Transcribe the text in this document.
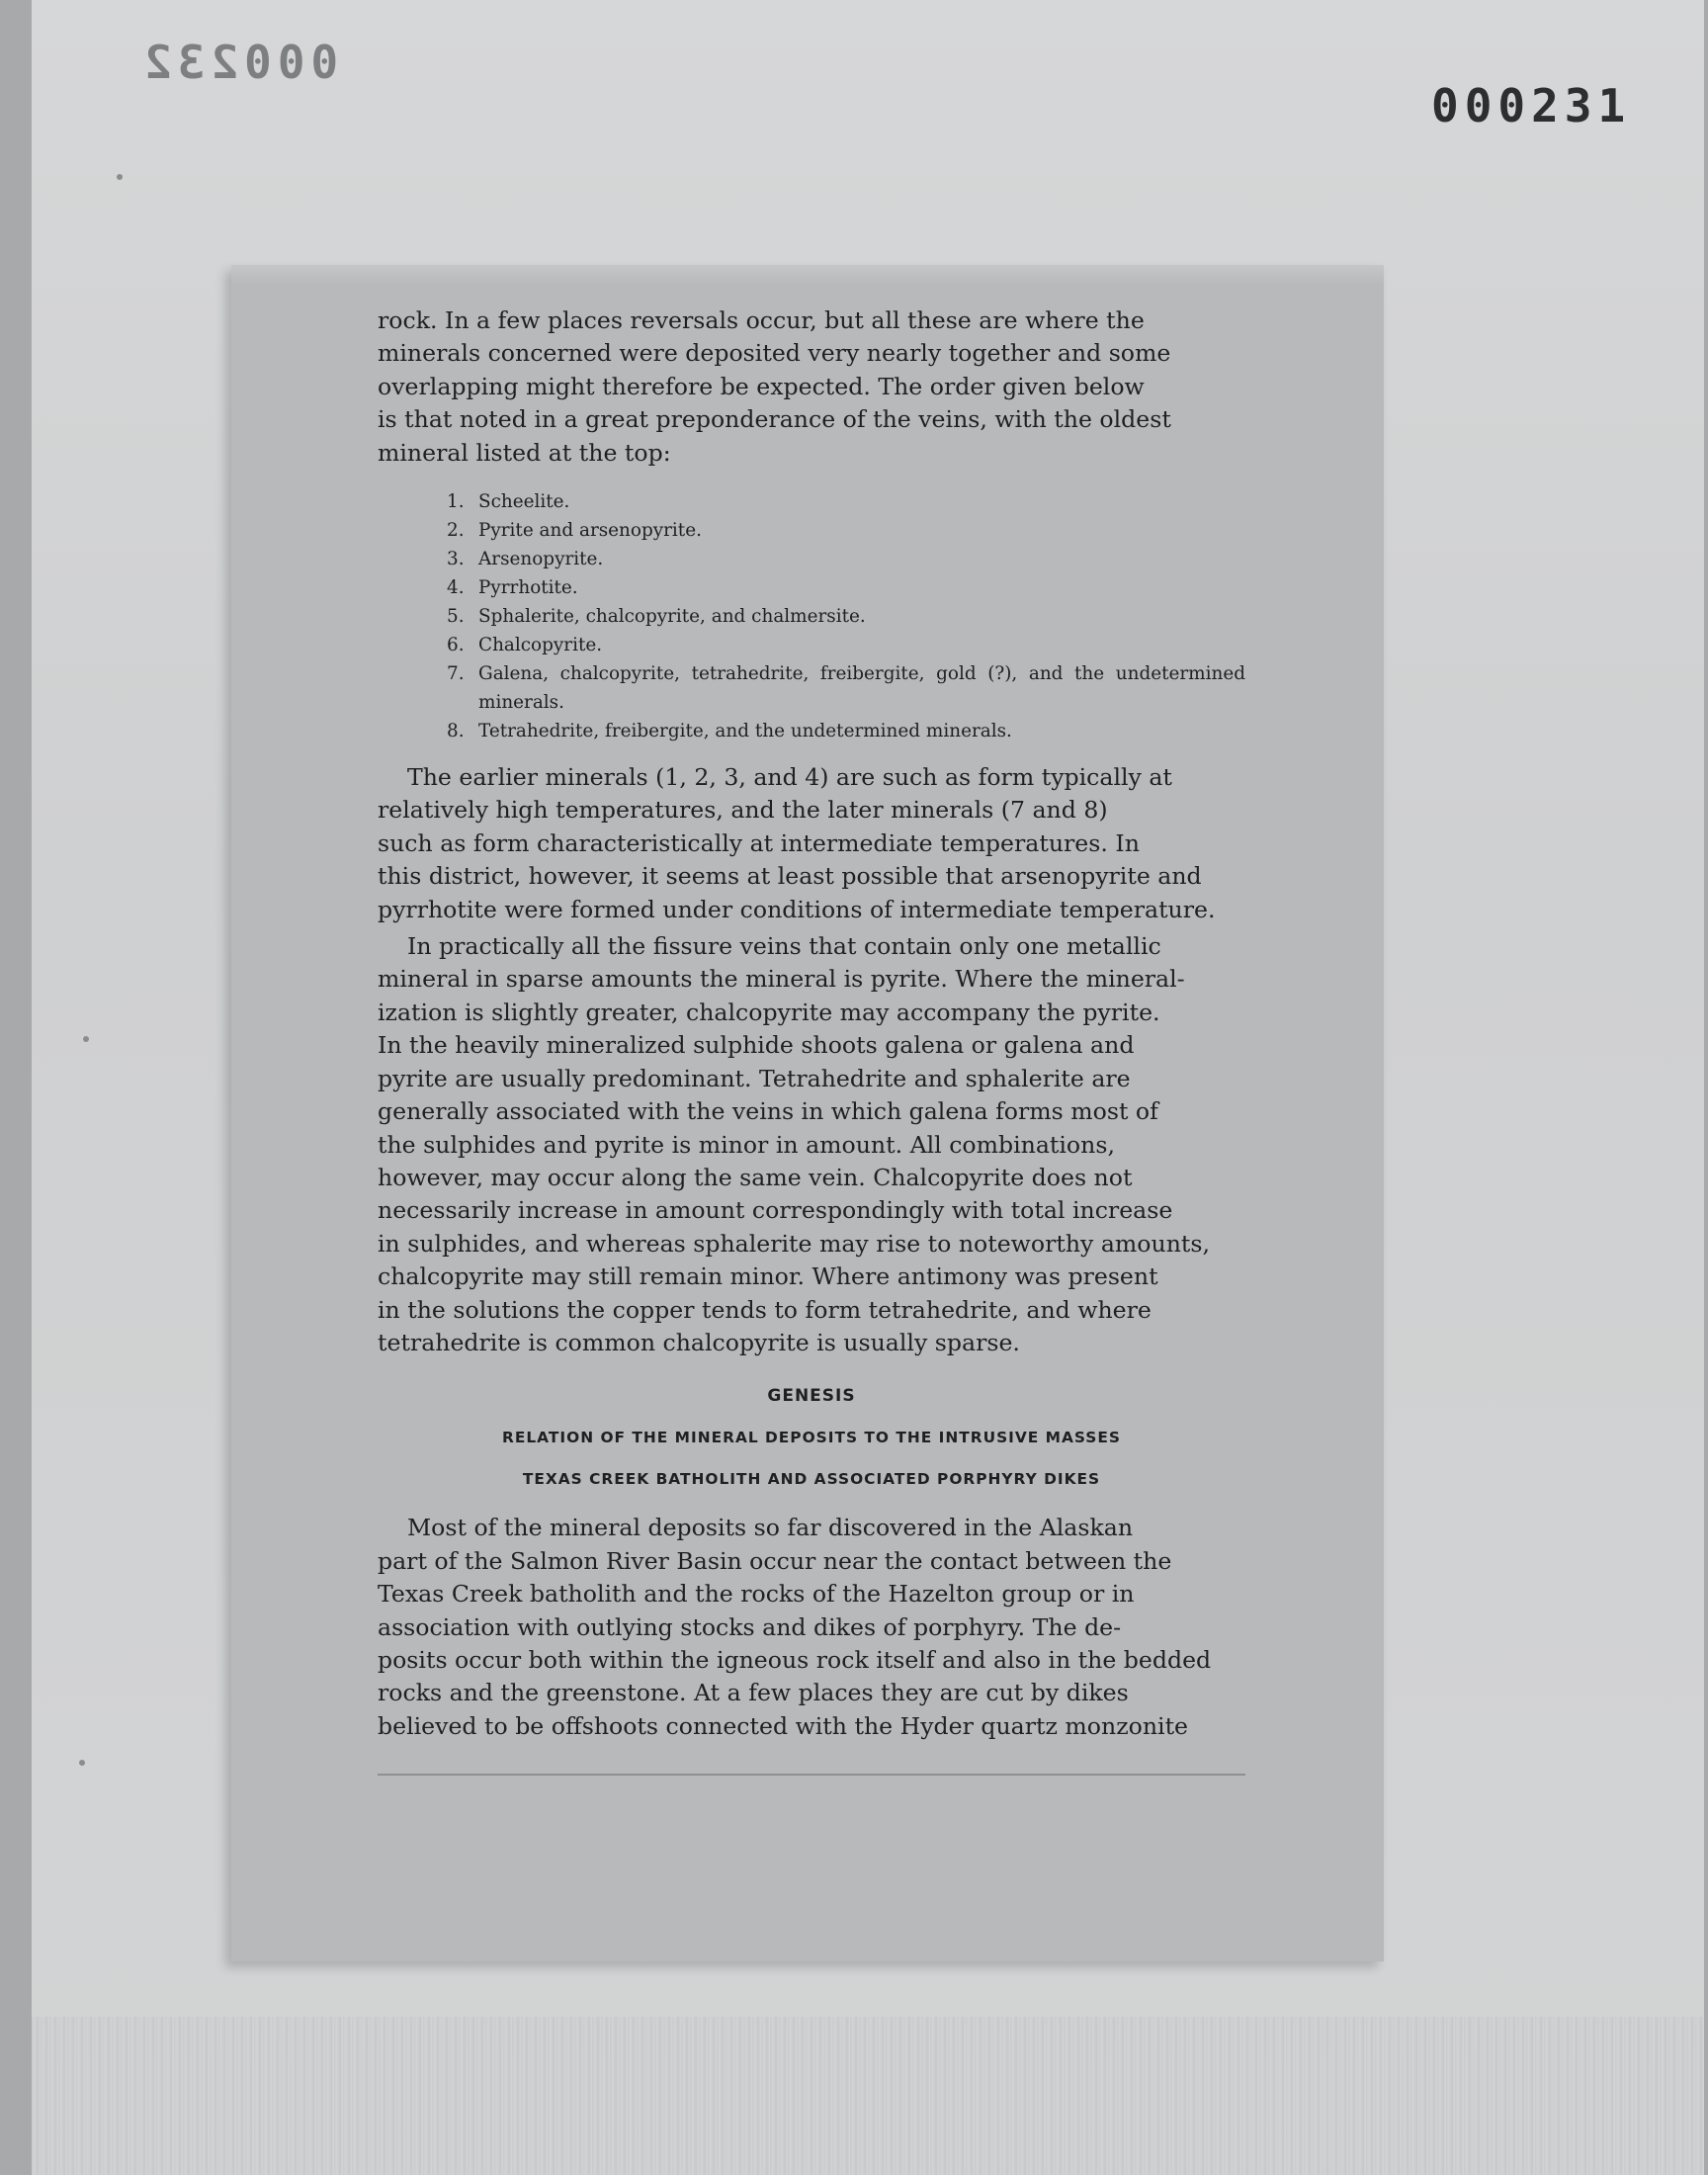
000232
000231

rock. In a few places reversals occur, but all these are where the
minerals concerned were deposited very nearly together and some
overlapping might therefore be expected. The order given below
is that noted in a great preponderance of the veins, with the oldest
mineral listed at the top:

1. Scheelite.
2. Pyrite and arsenopyrite.
3. Arsenopyrite.
4. Pyrrhotite.
5. Sphalerite, chalcopyrite, and chalmersite.
6. Chalcopyrite.
7. Galena, chalcopyrite, tetrahedrite, freibergite, gold (?), and the undetermined minerals.
8. Tetrahedrite, freibergite, and the undetermined minerals.

The earlier minerals (1, 2, 3, and 4) are such as form typically at
relatively high temperatures, and the later minerals (7 and 8)
such as form characteristically at intermediate temperatures. In
this district, however, it seems at least possible that arsenopyrite and
pyrrhotite were formed under conditions of intermediate temperature.

In practically all the fissure veins that contain only one metallic
mineral in sparse amounts the mineral is pyrite. Where the mineral-
ization is slightly greater, chalcopyrite may accompany the pyrite.
In the heavily mineralized sulphide shoots galena or galena and
pyrite are usually predominant. Tetrahedrite and sphalerite are
generally associated with the veins in which galena forms most of
the sulphides and pyrite is minor in amount. All combinations,
however, may occur along the same vein. Chalcopyrite does not
necessarily increase in amount correspondingly with total increase
in sulphides, and whereas sphalerite may rise to noteworthy amounts,
chalcopyrite may still remain minor. Where antimony was present
in the solutions the copper tends to form tetrahedrite, and where
tetrahedrite is common chalcopyrite is usually sparse.

GENESIS
RELATION OF THE MINERAL DEPOSITS TO THE INTRUSIVE MASSES
TEXAS CREEK BATHOLITH AND ASSOCIATED PORPHYRY DIKES

Most of the mineral deposits so far discovered in the Alaskan
part of the Salmon River Basin occur near the contact between the
Texas Creek batholith and the rocks of the Hazelton group or in
association with outlying stocks and dikes of porphyry. The de-
posits occur both within the igneous rock itself and also in the bedded
rocks and the greenstone. At a few places they are cut by dikes
believed to be offshoots connected with the Hyder quartz monzonite
